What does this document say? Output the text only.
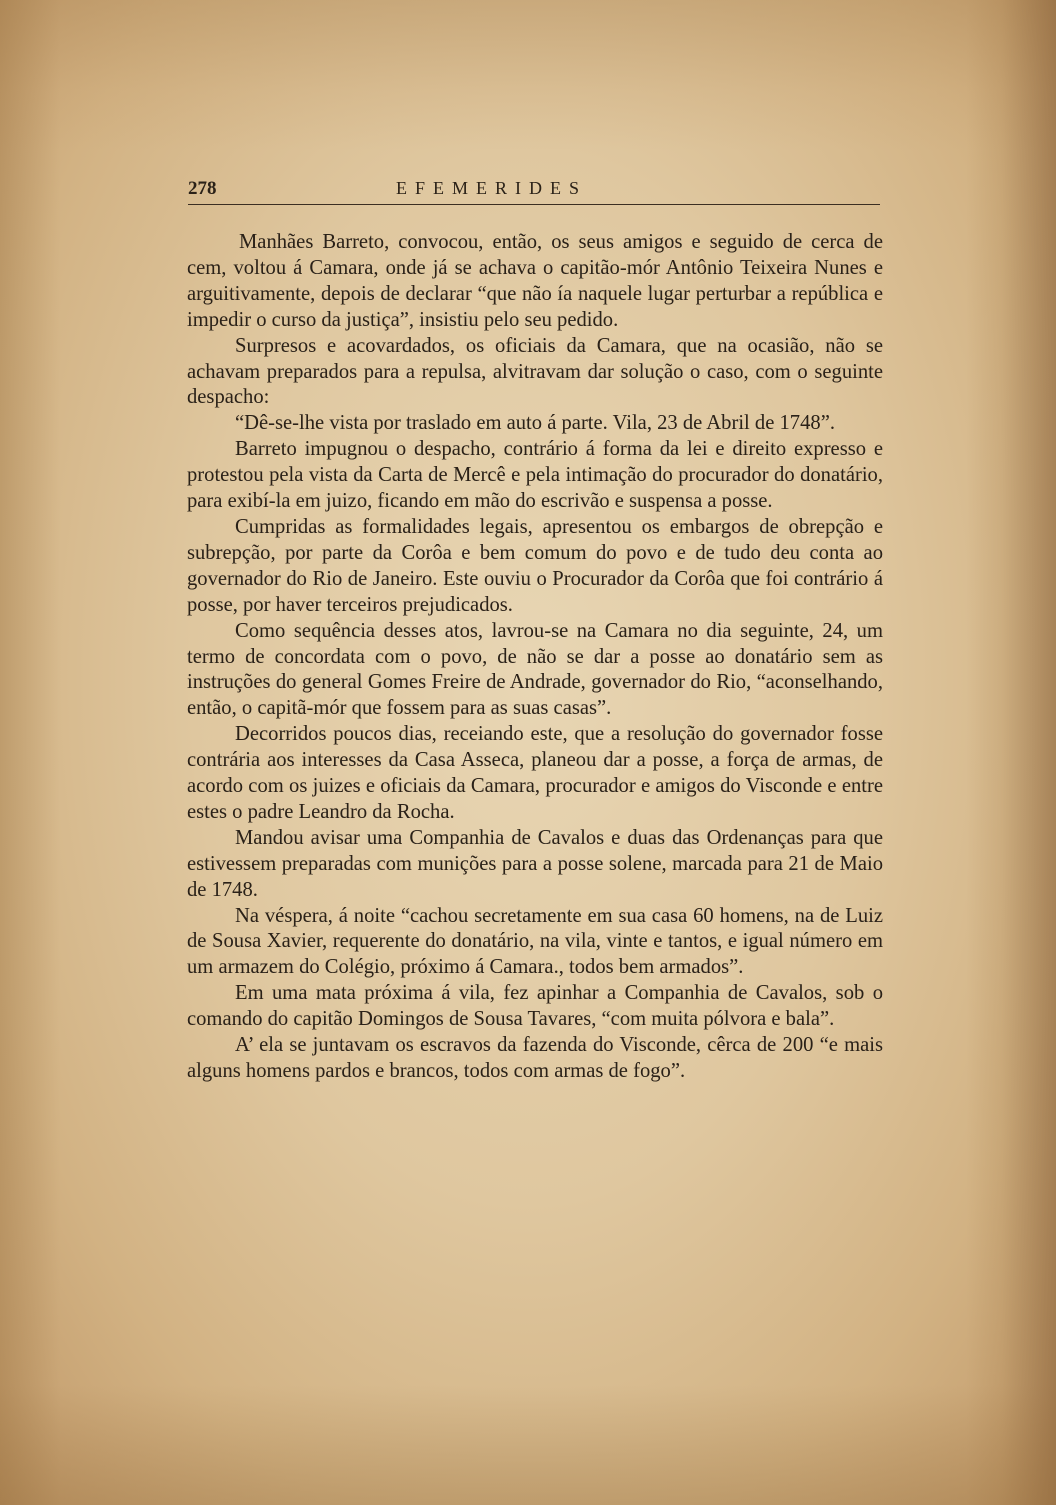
278	EFEMERIDES

Manhães Barreto, convocou, então, os seus amigos e seguido de cerca de cem, voltou á Camara, onde já se achava o capitão-mór Antônio Teixeira Nunes e arguitivamente, depois de declarar “que não ía naquele lugar perturbar a república e impedir o curso da justiça”, insistiu pelo seu pedido.

Surpresos e acovardados, os oficiais da Camara, que na ocasião, não se achavam preparados para a repulsa, alvitravam dar solução o caso, com o seguinte despacho:

“Dê-se-lhe vista por traslado em auto á parte. Vila, 23 de Abril de 1748”.

Barreto impugnou o despacho, contrário á forma da lei e direito expresso e protestou pela vista da Carta de Mercê e pela intimação do procurador do donatário, para exibí-la em juizo, ficando em mão do escrivão e suspensa a posse.

Cumpridas as formalidades legais, apresentou os embargos de obrepção e subrepção, por parte da Corôa e bem comum do povo e de tudo deu conta ao governador do Rio de Janeiro. Este ouviu o Procurador da Corôa que foi contrário á posse, por haver terceiros prejudicados.

Como sequência desses atos, lavrou-se na Camara no dia seguinte, 24, um termo de concordata com o povo, de não se dar a posse ao donatário sem as instruções do general Gomes Freire de Andrade, governador do Rio, “aconselhando, então, o capitã-mór que fossem para as suas casas”.

Decorridos poucos dias, receiando este, que a resolução do governador fosse contrária aos interesses da Casa Asseca, planeou dar a posse, a força de armas, de acordo com os juizes e oficiais da Camara, procurador e amigos do Visconde e entre estes o padre Leandro da Rocha.

Mandou avisar uma Companhia de Cavalos e duas das Ordenanças para que estivessem preparadas com munições para a posse solene, marcada para 21 de Maio de 1748.

Na véspera, á noite “cachou secretamente em sua casa 60 homens, na de Luiz de Sousa Xavier, requerente do donatário, na vila, vinte e tantos, e igual número em um armazem do Colégio, próximo á Camara., todos bem armados”.

Em uma mata próxima á vila, fez apinhar a Companhia de Cavalos, sob o comando do capitão Domingos de Sousa Tavares, “com muita pólvora e bala”.

A’ ela se juntavam os escravos da fazenda do Visconde, cêrca de 200 “e mais alguns homens pardos e brancos, todos com armas de fogo”.
